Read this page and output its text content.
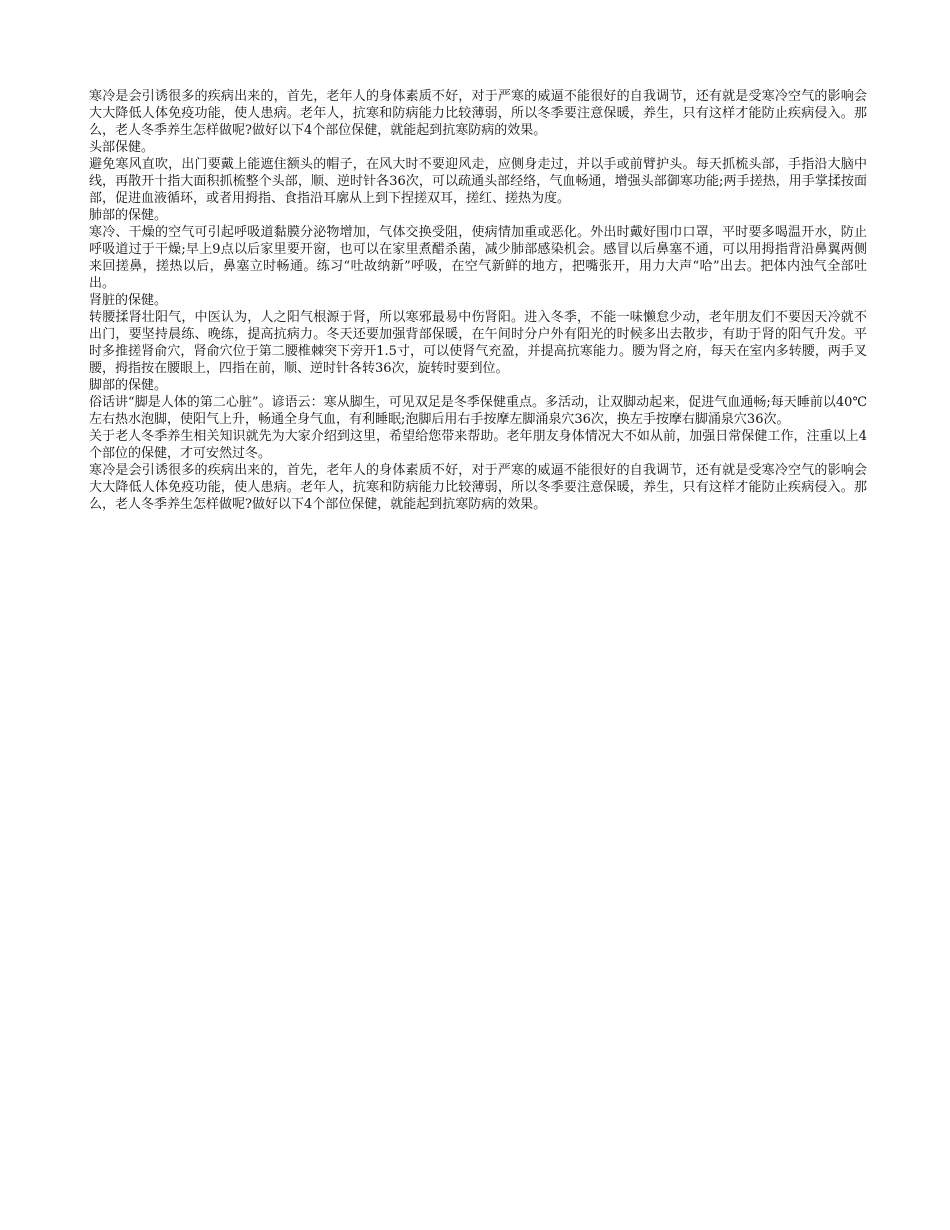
寒冷是会引诱很多的疾病出来的，首先，老年人的身体素质不好，对于严寒的威逼不能很好的自我调节，还有就是受寒冷空气的影响会大大降低人体免疫功能，使人患病。老年人，抗寒和防病能力比较薄弱，所以冬季要注意保暖，养生，只有这样才能防止疾病侵入。那么，老人冬季养生怎样做呢?做好以下4个部位保健，就能起到抗寒防病的效果。

头部保健。

避免寒风直吹，出门要戴上能遮住额头的帽子，在风大时不要迎风走，应侧身走过，并以手或前臂护头。每天抓梳头部，手指沿大脑中线，再散开十指大面积抓梳整个头部，顺、逆时针各36次，可以疏通头部经络，气血畅通，增强头部御寒功能;两手搓热，用手掌揉按面部，促进血液循环，或者用拇指、食指沿耳廓从上到下捏搓双耳，搓红、搓热为度。

肺部的保健。

寒冷、干燥的空气可引起呼吸道黏膜分泌物增加，气体交换受阻，使病情加重或恶化。外出时戴好围巾口罩，平时要多喝温开水，防止呼吸道过于干燥;早上9点以后家里要开窗，也可以在家里煮醋杀菌，减少肺部感染机会。感冒以后鼻塞不通，可以用拇指背沿鼻翼两侧来回搓鼻，搓热以后，鼻塞立时畅通。练习“吐故纳新”呼吸，在空气新鲜的地方，把嘴张开，用力大声“哈”出去。把体内浊气全部吐出。

肾脏的保健。

转腰揉肾壮阳气，中医认为，人之阳气根源于肾，所以寒邪最易中伤肾阳。进入冬季，不能一味懒怠少动，老年朋友们不要因天冷就不出门，要坚持晨练、晚练，提高抗病力。冬天还要加强背部保暖，在午间时分户外有阳光的时候多出去散步，有助于肾的阳气升发。平时多推搓肾俞穴，肾俞穴位于第二腰椎棘突下旁开1.5寸，可以使肾气充盈，并提高抗寒能力。腰为肾之府，每天在室内多转腰，两手叉腰，拇指按在腰眼上，四指在前，顺、逆时针各转36次，旋转时要到位。

脚部的保健。

俗话讲“脚是人体的第二心脏”。谚语云：寒从脚生，可见双足是冬季保健重点。多活动，让双脚动起来，促进气血通畅;每天睡前以40℃左右热水泡脚，使阳气上升，畅通全身气血，有利睡眠;泡脚后用右手按摩左脚涌泉穴36次，换左手按摩右脚涌泉穴36次。

关于老人冬季养生相关知识就先为大家介绍到这里，希望给您带来帮助。老年朋友身体情况大不如从前，加强日常保健工作，注重以上4个部位的保健，才可安然过冬。

寒冷是会引诱很多的疾病出来的，首先，老年人的身体素质不好，对于严寒的威逼不能很好的自我调节，还有就是受寒冷空气的影响会大大降低人体免疫功能，使人患病。老年人，抗寒和防病能力比较薄弱，所以冬季要注意保暖，养生，只有这样才能防止疾病侵入。那么，老人冬季养生怎样做呢?做好以下4个部位保健，就能起到抗寒防病的效果。
